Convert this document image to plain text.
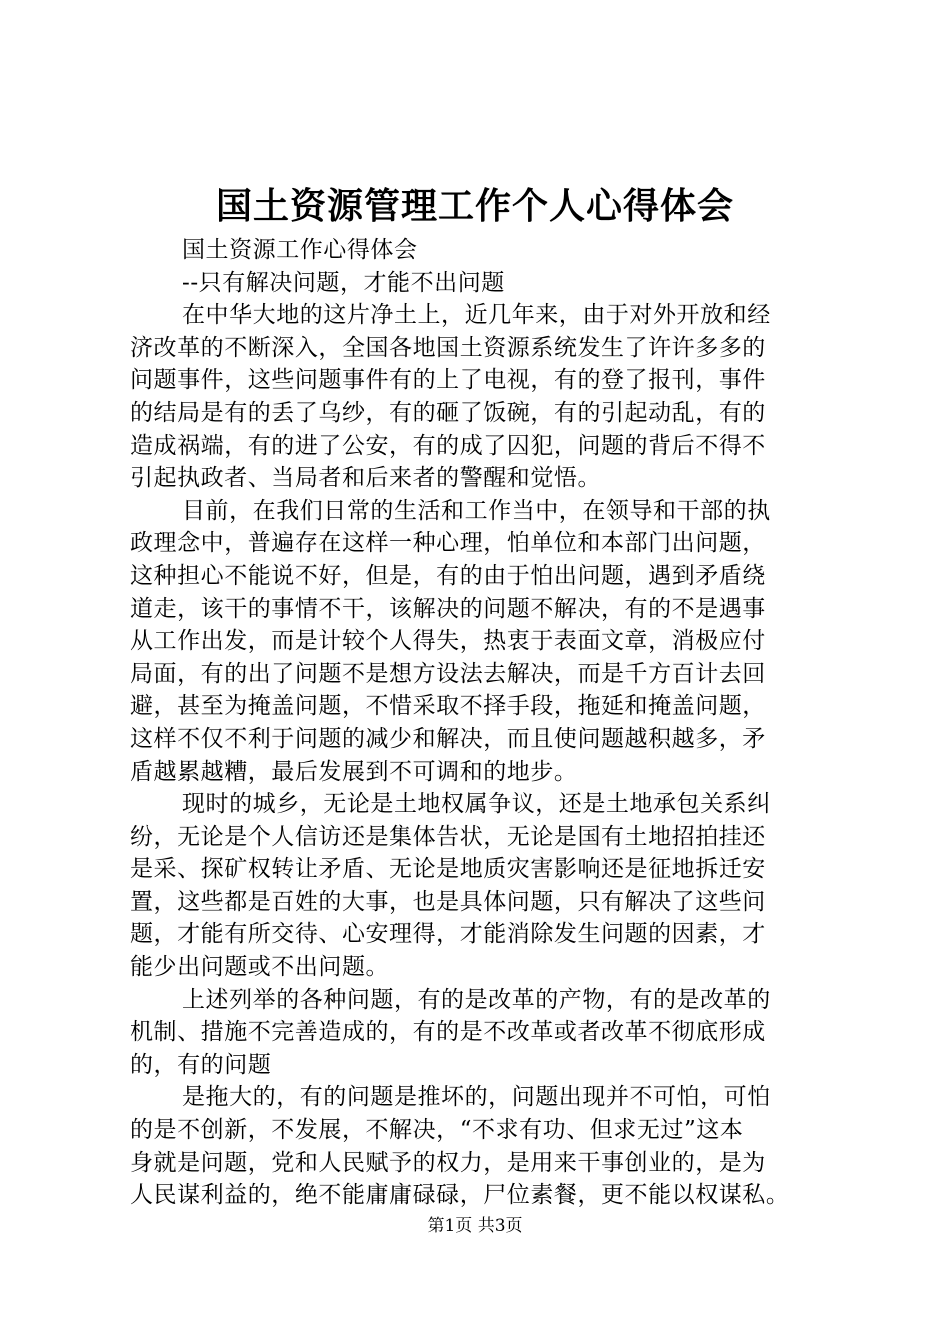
国土资源管理工作个人心得体会

国土资源工作心得体会

--只有解决问题，才能不出问题

在中华大地的这片净土上，近几年来，由于对外开放和经

济改革的不断深入，全国各地国土资源系统发生了许许多多的

问题事件，这些问题事件有的上了电视，有的登了报刊，事件

的结局是有的丢了乌纱，有的砸了饭碗，有的引起动乱，有的

造成祸端，有的进了公安，有的成了囚犯，问题的背后不得不

引起执政者、当局者和后来者的警醒和觉悟。

目前，在我们日常的生活和工作当中，在领导和干部的执

政理念中，普遍存在这样一种心理，怕单位和本部门出问题，

这种担心不能说不好，但是，有的由于怕出问题，遇到矛盾绕

道走，该干的事情不干，该解决的问题不解决，有的不是遇事

从工作出发，而是计较个人得失，热衷于表面文章，消极应付

局面，有的出了问题不是想方设法去解决，而是千方百计去回

避，甚至为掩盖问题，不惜采取不择手段，拖延和掩盖问题，

这样不仅不利于问题的减少和解决，而且使问题越积越多，矛

盾越累越糟，最后发展到不可调和的地步。

现时的城乡，无论是土地权属争议，还是土地承包关系纠

纷，无论是个人信访还是集体告状，无论是国有土地招拍挂还

是采、探矿权转让矛盾、无论是地质灾害影响还是征地拆迁安

置，这些都是百姓的大事，也是具体问题，只有解决了这些问

题，才能有所交待、心安理得，才能消除发生问题的因素，才

能少出问题或不出问题。

上述列举的各种问题，有的是改革的产物，有的是改革的

机制、措施不完善造成的，有的是不改革或者改革不彻底形成

的，有的问题

是拖大的，有的问题是推坏的，问题出现并不可怕，可怕

的是不创新，不发展，不解决，“不求有功、但求无过”这本

身就是问题，党和人民赋予的权力，是用来干事创业的，是为

人民谋利益的，绝不能庸庸碌碌，尸位素餐，更不能以权谋私。

第1页 共3页
